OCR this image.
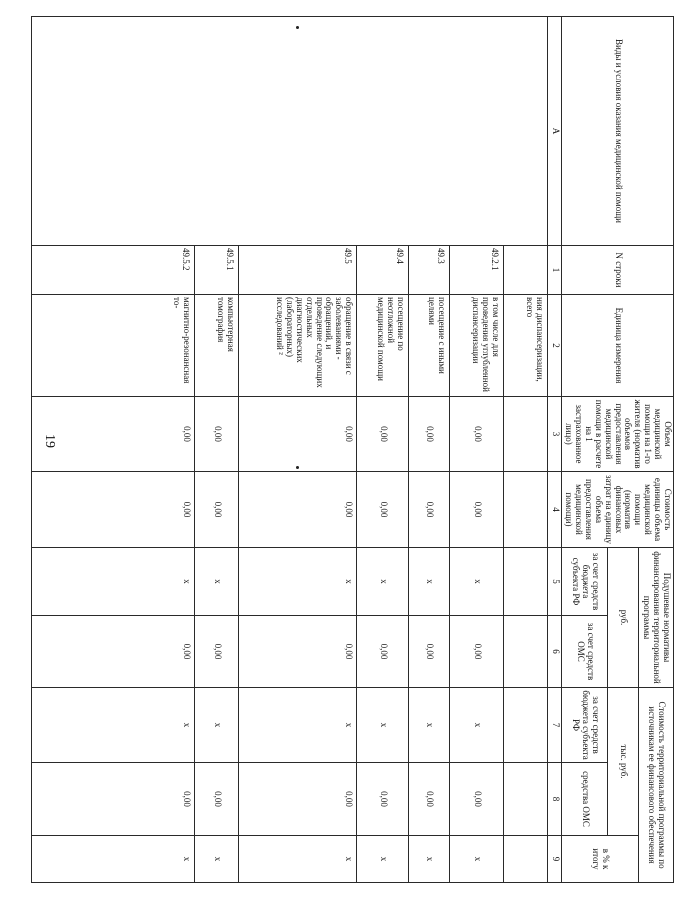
19
Виды и условия оказания медицинской помощи	N строки	Единица измерения	Объем медицинской помощи на 1-го жителя (норматив объемов предоставления медицинской помощи в расчете на 1 застрахованное лицо)	Стоимость единицы объема медицинской помощи (норматив финансовых затрат на единицу объема предоставления медицинской помощи)	Подушевые нормативы финансирования территориальной программы		Стоимость территориальной программы по источникам ее финансового обеспечения		
					руб.		тыс. руб.		в % к итогу
					за счет средств бюджета субъекта РФ	за счет средств ОМС	за счет средств бюджета субъекта РФ	средства ОМС	
А	1	2	3	4	5	6	7	8	9
		ния диспансеризации, всего							
	49.2.1	в том числе для проведения углубленной диспансеризации	0,00	0,00	х	0,00	х	0,00	х
	49.3	посещение с иными целями	0,00	0,00	х	0,00	х	0,00	х
	49.4	посещение по неотложной медицинской помощи	0,00	0,00	х	0,00	х	0,00	х
	49.5	обращение в связи с заболеваниями - обращений, и проведение следующих отдельных диагностических (лабораторных) исследований ²	0,00	0,00	х	0,00	х	0,00	х
	49.5.1	компьютерная томография	0,00	0,00	х	0,00	х	0,00	х
	49.5.2	магнитно-резонансная то-	0,00	0,00	х	0,00	х	0,00	х
